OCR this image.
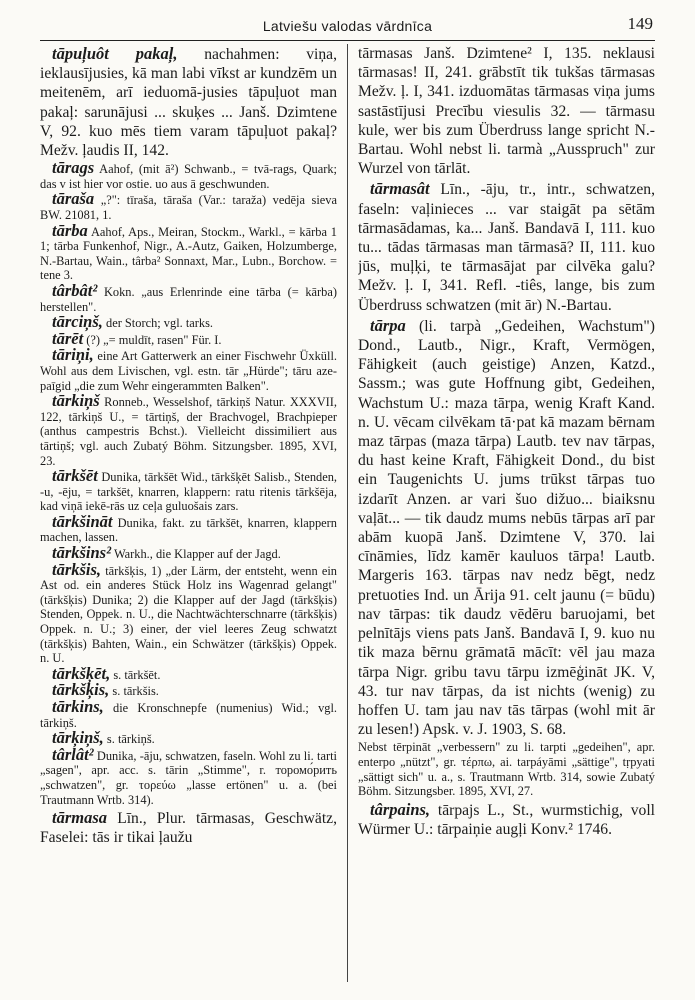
Latviešu valodas vārdnīca	149

tāpuļuôt pakaļ, nachahmen: viņa, ieklausījusies, kā man labi vīkst ar kundzēm un meitenēm, arī ieduomā-jusies tāpuļuot man pakaļ: sarunājusi ... skuķes ... Janš. Dzimtene V, 92. kuo mēs tiem varam tāpuļuot pakaļ? Mežv. ļaudis II, 142.

tārags Aahof, (mit ā²) Schwanb., = tvā-rags, Quark; das v ist hier vor ostie. uo aus ā geschwunden.

tāraša „?": tīraša, tāraša (Var.: taraža) vedēja sieva BW. 21081, 1.

tārba Aahof, Aps., Meiran, Stockm., Warkl., = kārba 1 1; tārba Funkenhof, Nigr., A.-Autz, Gaiken, Holzumberge, N.-Bartau, Wain., târba² Sonnaxt, Mar., Lubn., Borchow. = tene 3.

târbât² Kokn. „aus Erlenrinde eine tārba (= kārba) herstellen".

tārciņš, der Storch; vgl. tarks.

tārēt (?) „= muldīt, rasen" Für. I.

tāriņi, eine Art Gatterwerk an einer Fischwehr Üxküll. Wohl aus dem Livischen, vgl. estn. tār „Hürde"; tāru aze-paīgid „die zum Wehr eingerammten Balken".

tārkiņš Ronneb., Wesselshof, tārkiņš Natur. XXXVII, 122, tārkiņš U., = tārtiņš, der Brachvogel, Brachpieper (anthus campestris Bchst.). Vielleicht dissimiliert aus tārtiņš; vgl. auch Zubatý Böhm. Sitzungsber. 1895, XVI, 23.

tārkšēt Dunika, tārkšēt Wid., tārkšķēt Salisb., Stenden, -u, -ēju, = tarkšēt, knarren, klappern: ratu ritenis tārkšēja, kad viņā iekē-rās uz ceļa guluošais zars.

tārkšināt Dunika, fakt. zu tārkšēt, knarren, klappern machen, lassen.

tārkšins² Warkh., die Klapper auf der Jagd.

tārkšis, tārkšķis, 1) „der Lärm, der entsteht, wenn ein Ast od. ein anderes Stück Holz ins Wagenrad gelangt" (tārkšķis) Dunika; 2) die Klapper auf der Jagd (tārkšķis) Stenden, Oppek. n. U., die Nachtwächterschnarre (tārkšķis) Oppek. n. U.; 3) einer, der viel leeres Zeug schwatzt (tārkšķis) Bahten, Wain., ein Schwätzer (tārkšķis) Oppek. n. U.

tārkšķēt, s. tārkšēt.

tārkšķis, s. tārkšis.

tārkins, die Kronschnepfe (numenius) Wid.; vgl. tārkiņš.

tārķiņš, s. tārkiņš.

târlât² Dunika, -āju, schwatzen, faseln. Wohl zu li. tarti „sagen", apr. acc. s. tārin „Stimme", r. торомо́рить „schwatzen", gr. τορεύω „lasse ertönen" u. a. (bei Trautmann Wrtb. 314).

tārmasa Līn., Plur. tārmasas, Geschwätz, Faselei: tās ir tikai ļaužu

tārmasas Janš. Dzimtene² I, 135. neklausi tārmasas! II, 241. grābstīt tik tukšas tārmasas Mežv. ļ. I, 341. izduomātas tārmasas viņa jums sastāstījusi Precību viesulis 32. — tārmasu kule, wer bis zum Überdruss lange spricht N.-Bartau. Wohl nebst li. tarmà „Ausspruch" zur Wurzel von tārlāt.

tārmasât Līn., -āju, tr., intr., schwatzen, faseln: vaļinieces ... var staigāt pa sētām tārmasādamas, ka... Janš. Bandavā I, 111. kuo tu... tādas tārmasas man tārmasā? II, 111. kuo jūs, muļķi, te tārmasājat par cilvēka galu? Mežv. ļ. I, 341. Refl. -tiês, lange, bis zum Überdruss schwatzen (mit ār) N.-Bartau.

tārpa (li. tarpà „Gedeihen, Wachstum") Dond., Lautb., Nigr., Kraft, Vermögen, Fähigkeit (auch geistige) Anzen, Katzd., Sassm.; was gute Hoffnung gibt, Gedeihen, Wachstum U.: maza tārpa, wenig Kraft Kand. n. U. vēcam cilvēkam tā·pat kā mazam bērnam maz tārpas (maza tārpa) Lautb. tev nav tārpas, du hast keine Kraft, Fähigkeit Dond., du bist ein Taugenichts U. jums trūkst tārpas tuo izdarīt Anzen. ar vari šuo dižuo... biaiksnu vaļāt... — tik daudz mums nebūs tārpas arī par abām kuopā Janš. Dzimtene V, 370. lai cīnāmies, līdz kamēr kauluos tārpa! Lautb. Margeris 163. tārpas nav nedz bēgt, nedz pretuoties Ind. un Ārija 91. celt jaunu (= būdu) nav tārpas: tik daudz vēdēru baruojami, bet pelnītājs viens pats Janš. Bandavā I, 9. kuo nu tik maza bērnu grāmatā mācīt: vēl jau maza tārpa Nigr. gribu tavu tārpu izmēģināt JK. V, 43. tur nav tārpas, da ist nichts (wenig) zu hoffen U. tam jau nav tās tārpas (wohl mit ār zu lesen!) Apsk. v. J. 1903, S. 68.

Nebst tērpināt „verbessern" zu li. tarpti „gedeihen", apr. enterpo „nützt", gr. τέρπω, ai. tarpáyāmi „sättige", tṛpyati „sättigt sich" u. a., s. Trautmann Wrtb. 314, sowie Zubatý Böhm. Sitzungsber. 1895, XVI, 27.

târpains, tārpajs L., St., wurmstichig, voll Würmer U.: tārpaiņie augļi Konv.² 1746.
